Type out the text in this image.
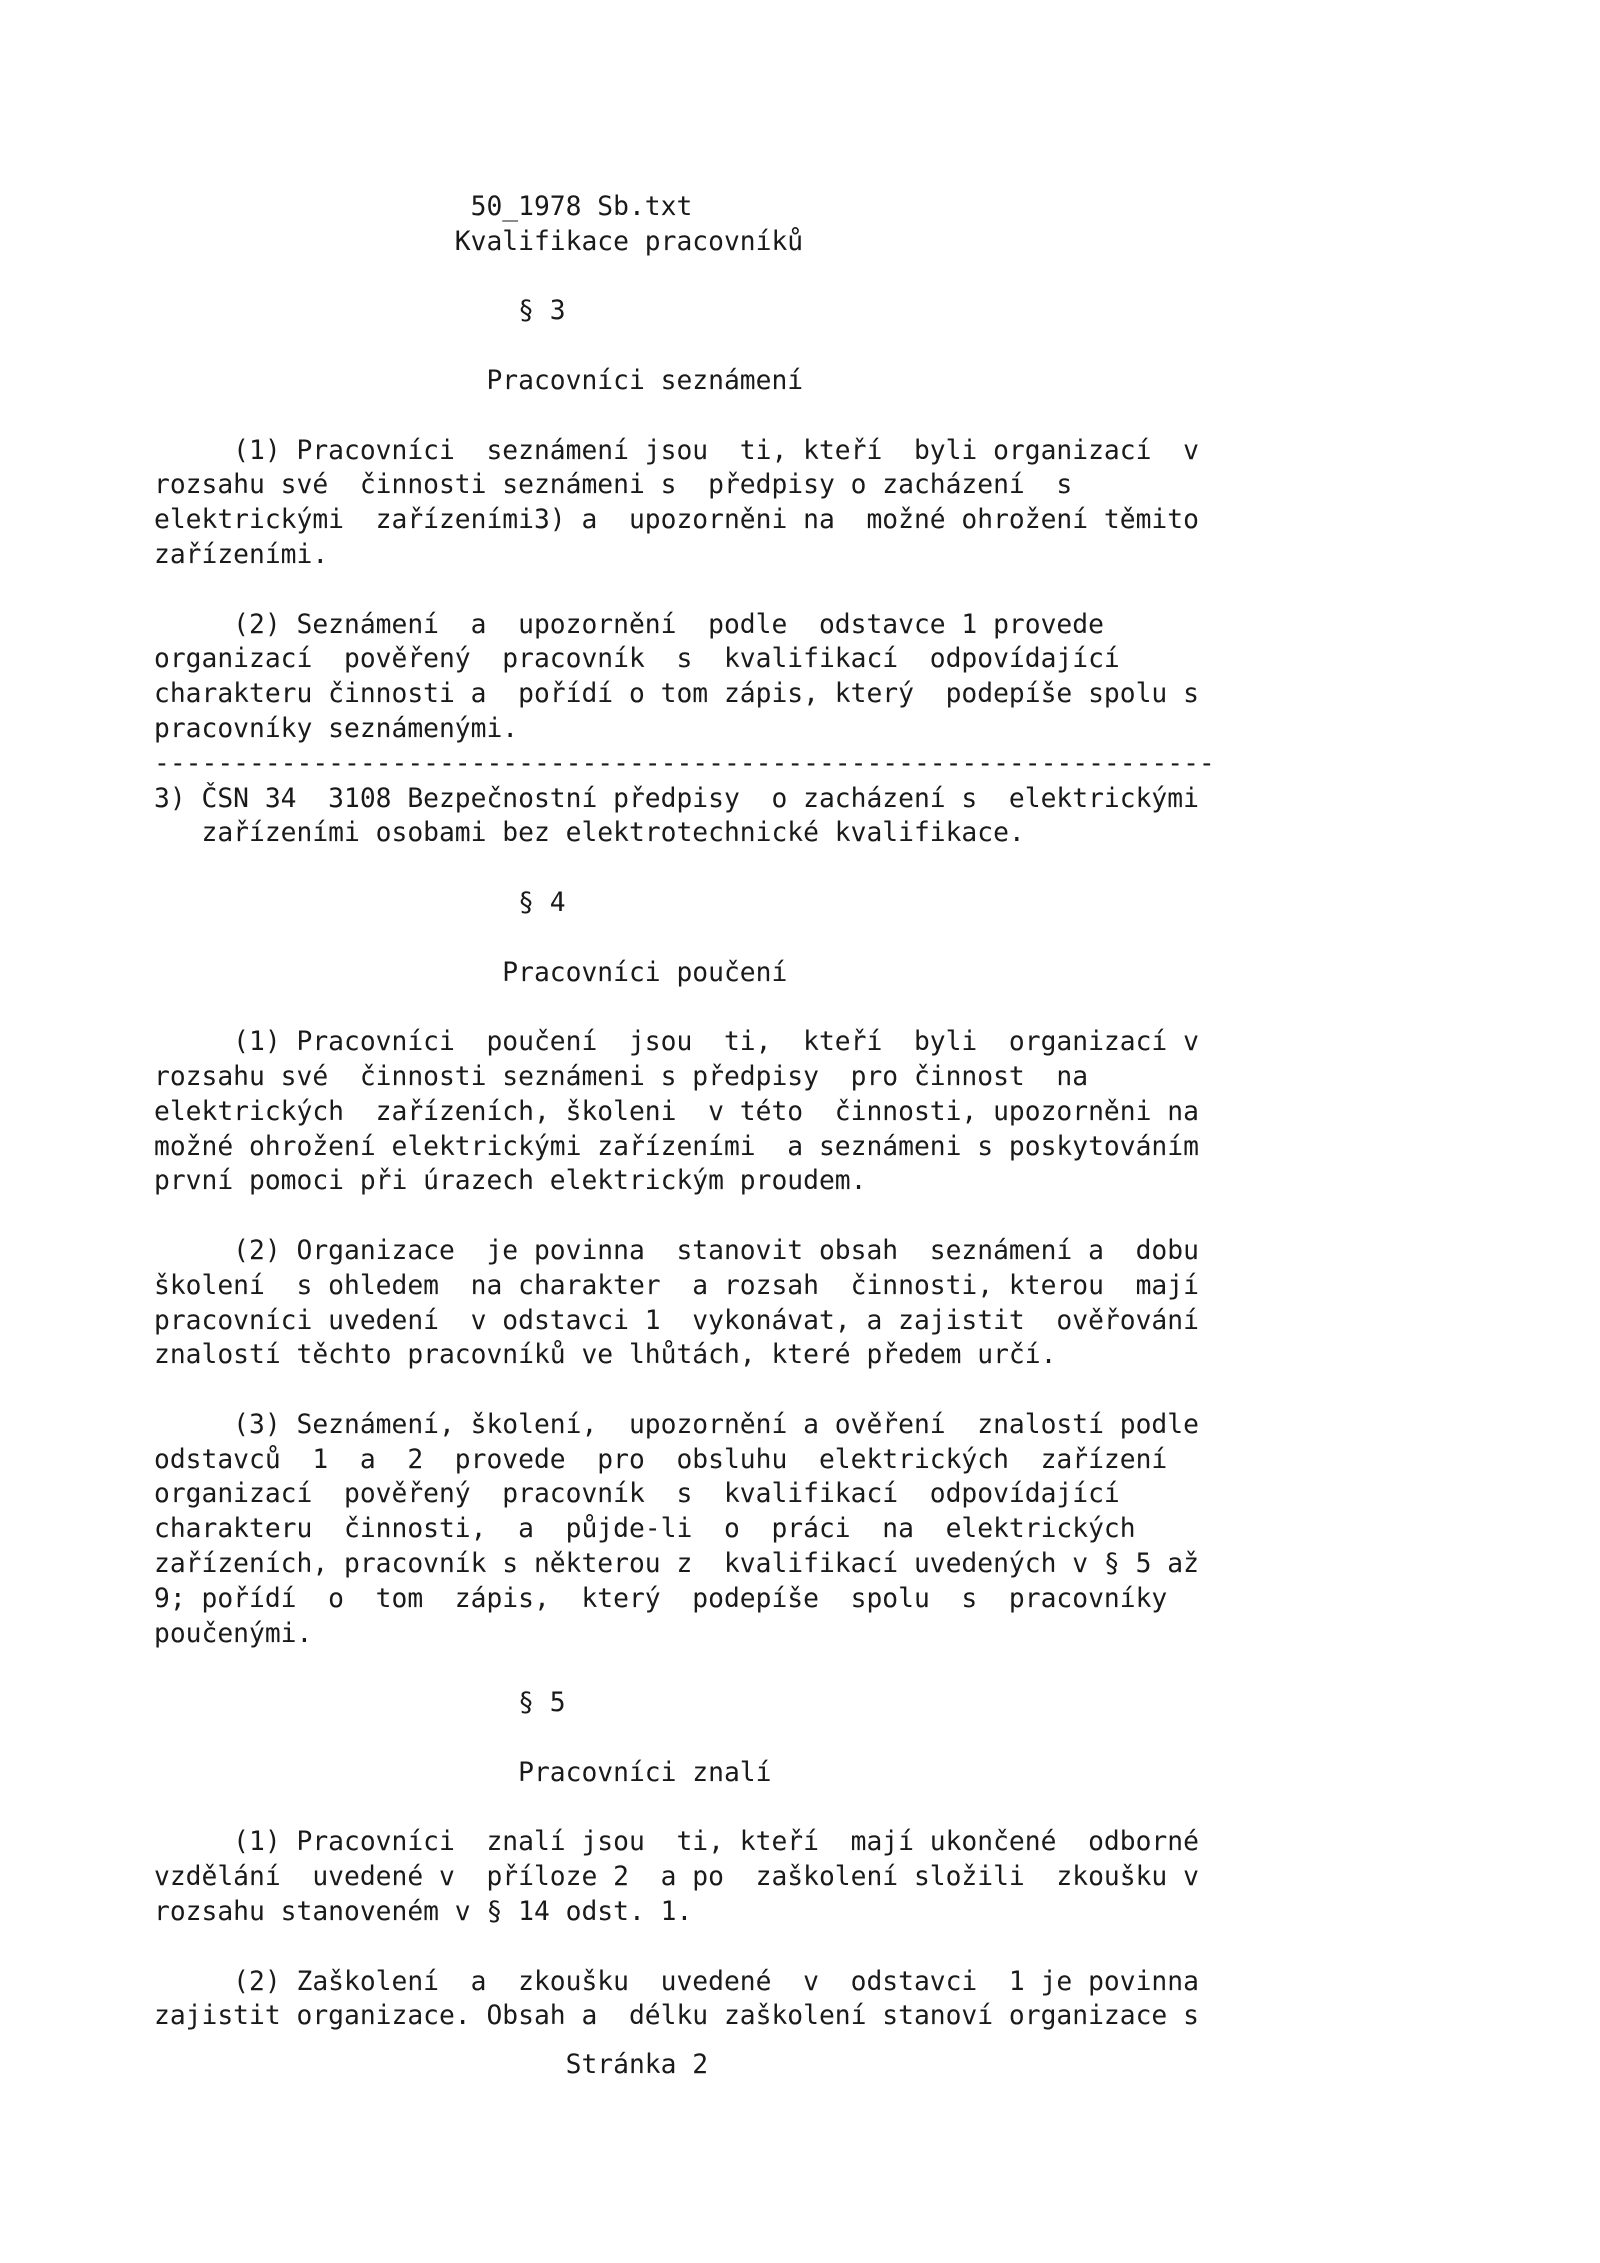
50_1978 Sb.txt
Kvalifikace pracovníků
§ 3
Pracovníci seznámení
(1) Pracovníci  seznámení jsou  ti, kteří  byli organizací  v
rozsahu své  činnosti seznámeni s  předpisy o zacházení  s
elektrickými  zařízeními3) a  upozorněni na  možné ohrožení těmito
zařízeními.
(2) Seznámení  a  upozornění  podle  odstavce 1 provede
organizací  pověřený  pracovník  s  kvalifikací  odpovídající
charakteru činnosti a  pořídí o tom zápis, který  podepíše spolu s
pracovníky seznámenými.
-------------------------------------------------------------------
3) ČSN 34  3108 Bezpečnostní předpisy  o zacházení s  elektrickými
zařízeními osobami bez elektrotechnické kvalifikace.
§ 4
Pracovníci poučení
(1) Pracovníci  poučení  jsou  ti,  kteří  byli  organizací v
rozsahu své  činnosti seznámeni s předpisy  pro činnost  na
elektrických  zařízeních, školeni  v této  činnosti, upozorněni na
možné ohrožení elektrickými zařízeními  a seznámeni s poskytováním
první pomoci při úrazech elektrickým proudem.
(2) Organizace  je povinna  stanovit obsah  seznámení a  dobu
školení  s ohledem  na charakter  a rozsah  činnosti, kterou  mají
pracovníci uvedení  v odstavci 1  vykonávat, a zajistit  ověřování
znalostí těchto pracovníků ve lhůtách, které předem určí.
(3) Seznámení, školení,  upozornění a ověření  znalostí podle
odstavců  1  a  2  provede  pro  obsluhu  elektrických  zařízení
organizací  pověřený  pracovník  s  kvalifikací  odpovídající
charakteru  činnosti,  a  půjde-li  o  práci  na  elektrických
zařízeních, pracovník s některou z  kvalifikací uvedených v § 5 až
9; pořídí  o  tom  zápis,  který  podepíše  spolu  s  pracovníky
poučenými.
§ 5
Pracovníci znalí
(1) Pracovníci  znalí jsou  ti, kteří  mají ukončené  odborné
vzdělání  uvedené v  příloze 2  a po  zaškolení složili  zkoušku v
rozsahu stanoveném v § 14 odst. 1.
(2) Zaškolení  a  zkoušku  uvedené  v  odstavci  1 je povinna
zajistit organizace. Obsah a  délku zaškolení stanoví organizace s
Stránka 2
